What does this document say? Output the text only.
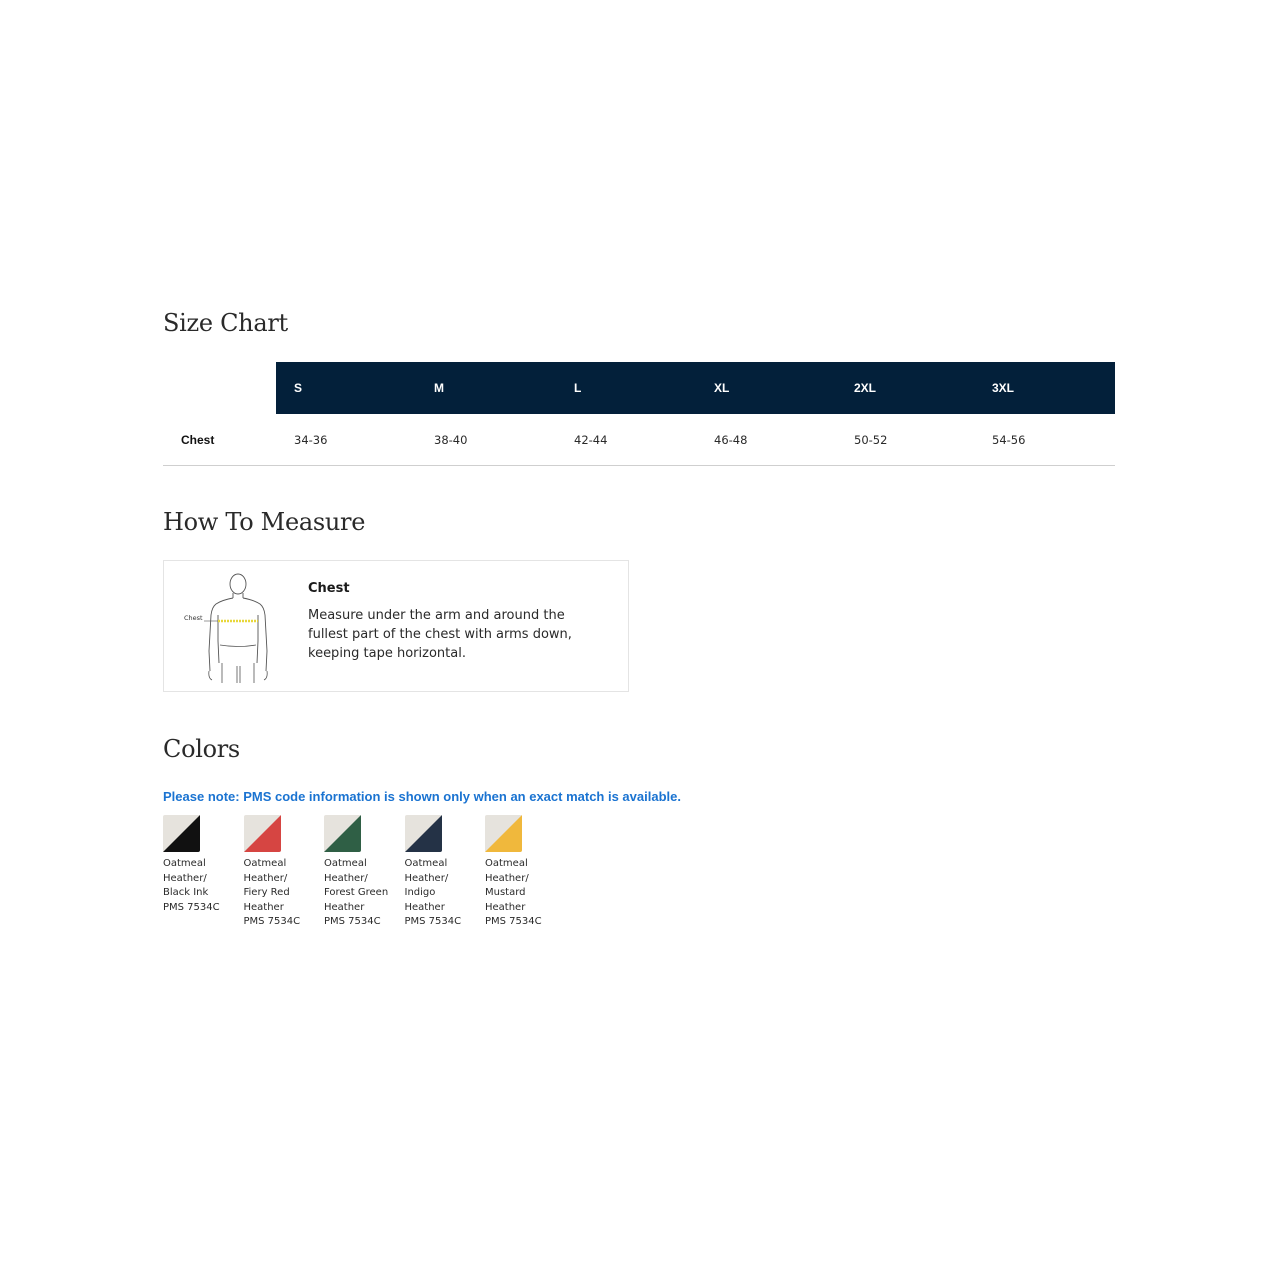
Size Chart
	S	M	L	XL	2XL	3XL
Chest	34-36	38-40	42-44	46-48	50-52	54-56
How To Measure
Chest

Chest

Measure under the arm and around the fullest part of the chest with arms down, keeping tape horizontal.

Colors
Please note: PMS code information is shown only when an exact match is available.
Oatmeal
Heather/
Black Ink
PMS 7534C
Oatmeal
Heather/
Fiery Red
Heather
PMS 7534C
Oatmeal
Heather/
Forest Green
Heather
PMS 7534C
Oatmeal
Heather/
Indigo
Heather
PMS 7534C
Oatmeal
Heather/
Mustard
Heather
PMS 7534C
